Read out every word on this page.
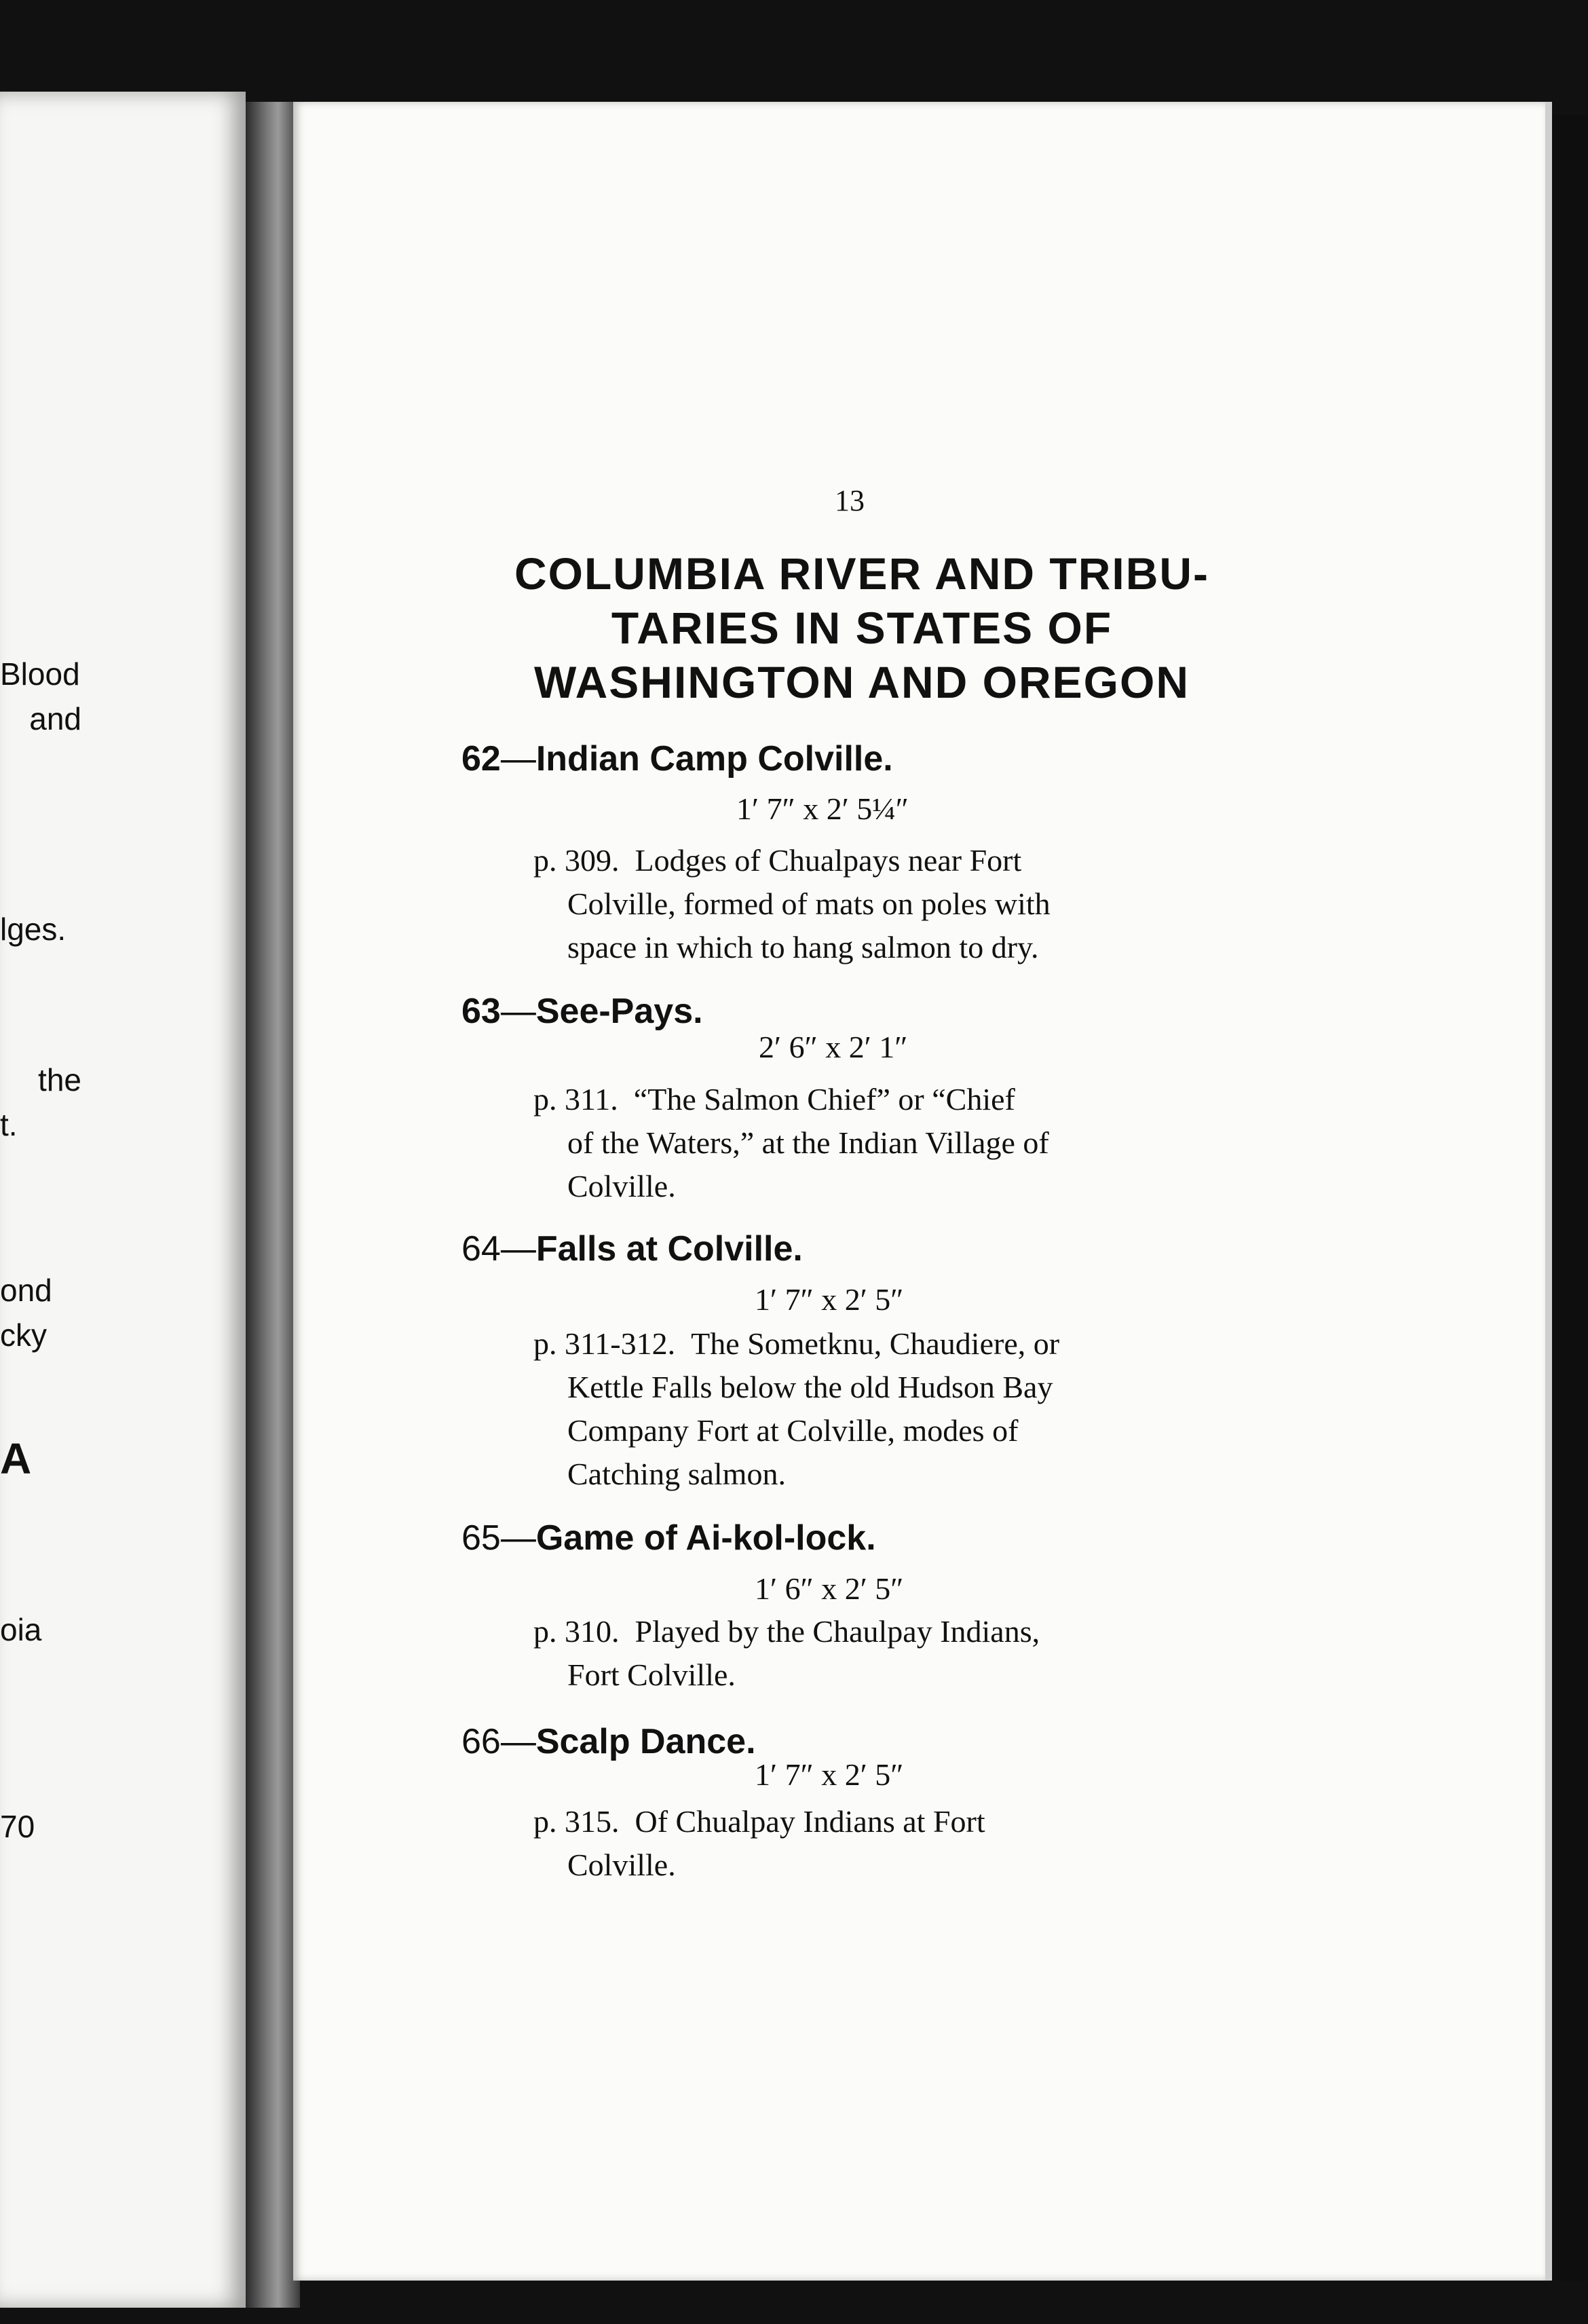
Blood
and
lges.
the
t.
ond
cky
A
oia
70
13
COLUMBIA RIVER AND TRIBU-
TARIES IN STATES OF
WASHINGTON AND OREGON
62—Indian Camp Colville.
1′ 7″ x 2′ 5¼″
p. 309. Lodges of Chualpays near Fort
Colville, formed of mats on poles with
space in which to hang salmon to dry.
63—See-Pays.
2′ 6″ x 2′ 1″
p. 311. “The Salmon Chief” or “Chief
of the Waters,” at the Indian Village of
Colville.
64—Falls at Colville.
1′ 7″ x 2′ 5″
p. 311-312. The Sometknu, Chaudiere, or
Kettle Falls below the old Hudson Bay
Company Fort at Colville, modes of
Catching salmon.
65—Game of Ai-kol-lock.
1′ 6″ x 2′ 5″
p. 310. Played by the Chaulpay Indians,
Fort Colville.
66—Scalp Dance.
1′ 7″ x 2′ 5″
p. 315. Of Chualpay Indians at Fort
Colville.
